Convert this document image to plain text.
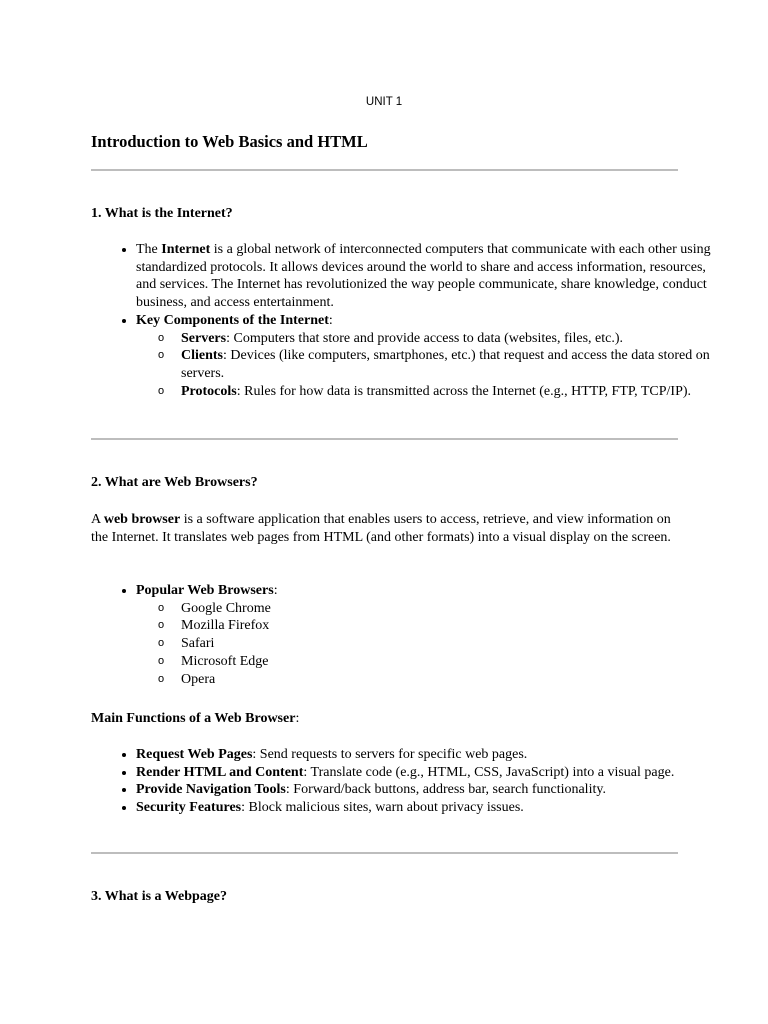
UNIT 1
Introduction to Web Basics and HTML
1. What is the Internet?
• The Internet is a global network of interconnected computers that communicate with each other using standardized protocols. It allows devices around the world to share and access information, resources, and services. The Internet has revolutionized the way people communicate, share knowledge, conduct business, and access entertainment.
• Key Components of the Internet:
o Servers: Computers that store and provide access to data (websites, files, etc.).
o Clients: Devices (like computers, smartphones, etc.) that request and access the data stored on servers.
o Protocols: Rules for how data is transmitted across the Internet (e.g., HTTP, FTP, TCP/IP).
2. What are Web Browsers?

A web browser is a software application that enables users to access, retrieve, and view information on the Internet. It translates web pages from HTML (and other formats) into a visual display on the screen.

• Popular Web Browsers:
o Google Chrome
o Mozilla Firefox
o Safari
o Microsoft Edge
o Opera

Main Functions of a Web Browser:

• Request Web Pages: Send requests to servers for specific web pages.
• Render HTML and Content: Translate code (e.g., HTML, CSS, JavaScript) into a visual page.
• Provide Navigation Tools: Forward/back buttons, address bar, search functionality.
• Security Features: Block malicious sites, warn about privacy issues.
3. What is a Webpage?
